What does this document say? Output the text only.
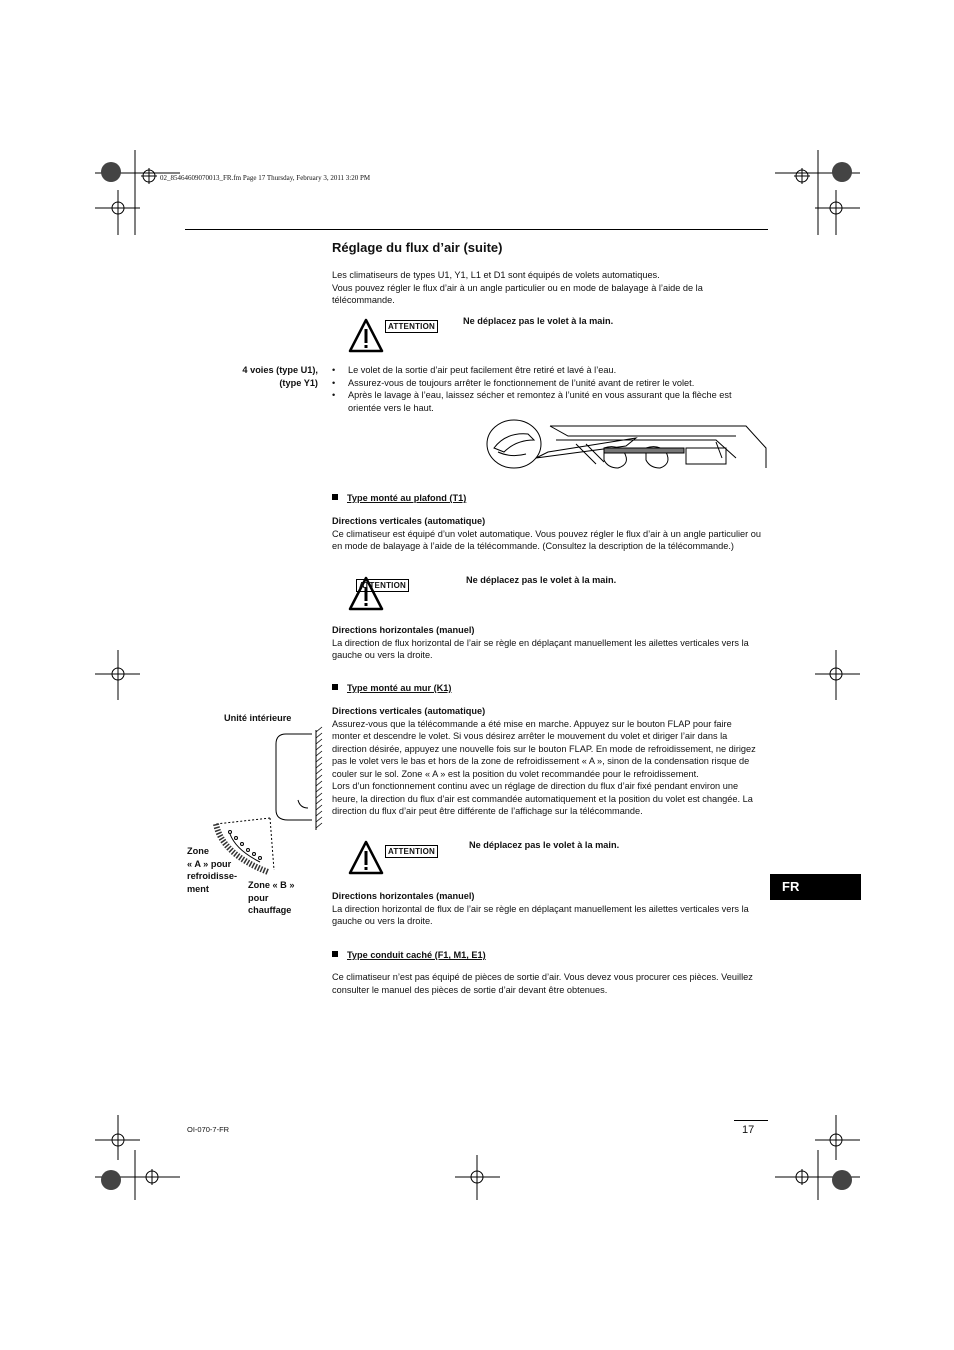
02_85464609070013_FR.fm Page 17 Thursday, February 3, 2011 3:20 PM
Réglage du flux d’air (suite)
Les climatiseurs de types U1, Y1, L1 et D1 sont équipés de volets automatiques.
Vous pouvez régler le flux d’air à un angle particulier ou en mode de balayage à l’aide de la télécommande.
ATTENTION
Ne déplacez pas le volet à la main.
4 voies (type U1),
(type Y1)
• Le volet de la sortie d’air peut facilement être retiré et lavé à l’eau.
• Assurez-vous de toujours arrêter le fonctionnement de l’unité avant de retirer le volet.
• Après le lavage à l’eau, laissez sécher et remontez à l’unité en vous assurant que la flèche est orientée vers le haut.
Type monté au plafond (T1)
Directions verticales (automatique)
Ce climatiseur est équipé d’un volet automatique. Vous pouvez régler le flux d’air à un angle particulier ou en mode de balayage à l’aide de la télécommande. (Consultez la description de la télécommande.)
ATTENTION
Ne déplacez pas le volet à la main.
Directions horizontales (manuel)
La direction de flux horizontal de l’air se règle en déplaçant manuellement les ailettes verticales vers la gauche ou vers la droite.
Type monté au mur (K1)
Unité intérieure
Zone
« A » pour
refroidisse-
ment	Zone « B »
pour
chauffage
Directions verticales (automatique)
Assurez-vous que la télécommande a été mise en marche. Appuyez sur le bouton FLAP pour faire monter et descendre le volet. Si vous désirez arrêter le mouvement du volet et diriger l’air dans la direction désirée, appuyez une nouvelle fois sur le bouton FLAP. En mode de refroidissement, ne dirigez pas le volet vers le bas et hors de la zone de refroidissement « A », sinon de la condensation risque de couler sur le sol. Zone « A » est la position du volet recommandée pour le refroidissement.
Lors d’un fonctionnement continu avec un réglage de direction du flux d’air fixé pendant environ une heure, la direction du flux d’air est commandée automatiquement et la position du volet est changée. La direction du flux d’air peut être différente de l’affichage sur la télécommande.
ATTENTION
Ne déplacez pas le volet à la main.
Directions horizontales (manuel)
La direction horizontal de flux de l’air se règle en déplaçant manuellement les ailettes verticales vers la gauche ou vers la droite.
Type conduit caché (F1, M1, E1)
Ce climatiseur n’est pas équipé de pièces de sortie d’air. Vous devez vous procurer ces pièces. Veuillez consulter le manuel des pièces de sortie d’air devant être obtenues.
FR
OI-070-7-FR	17
